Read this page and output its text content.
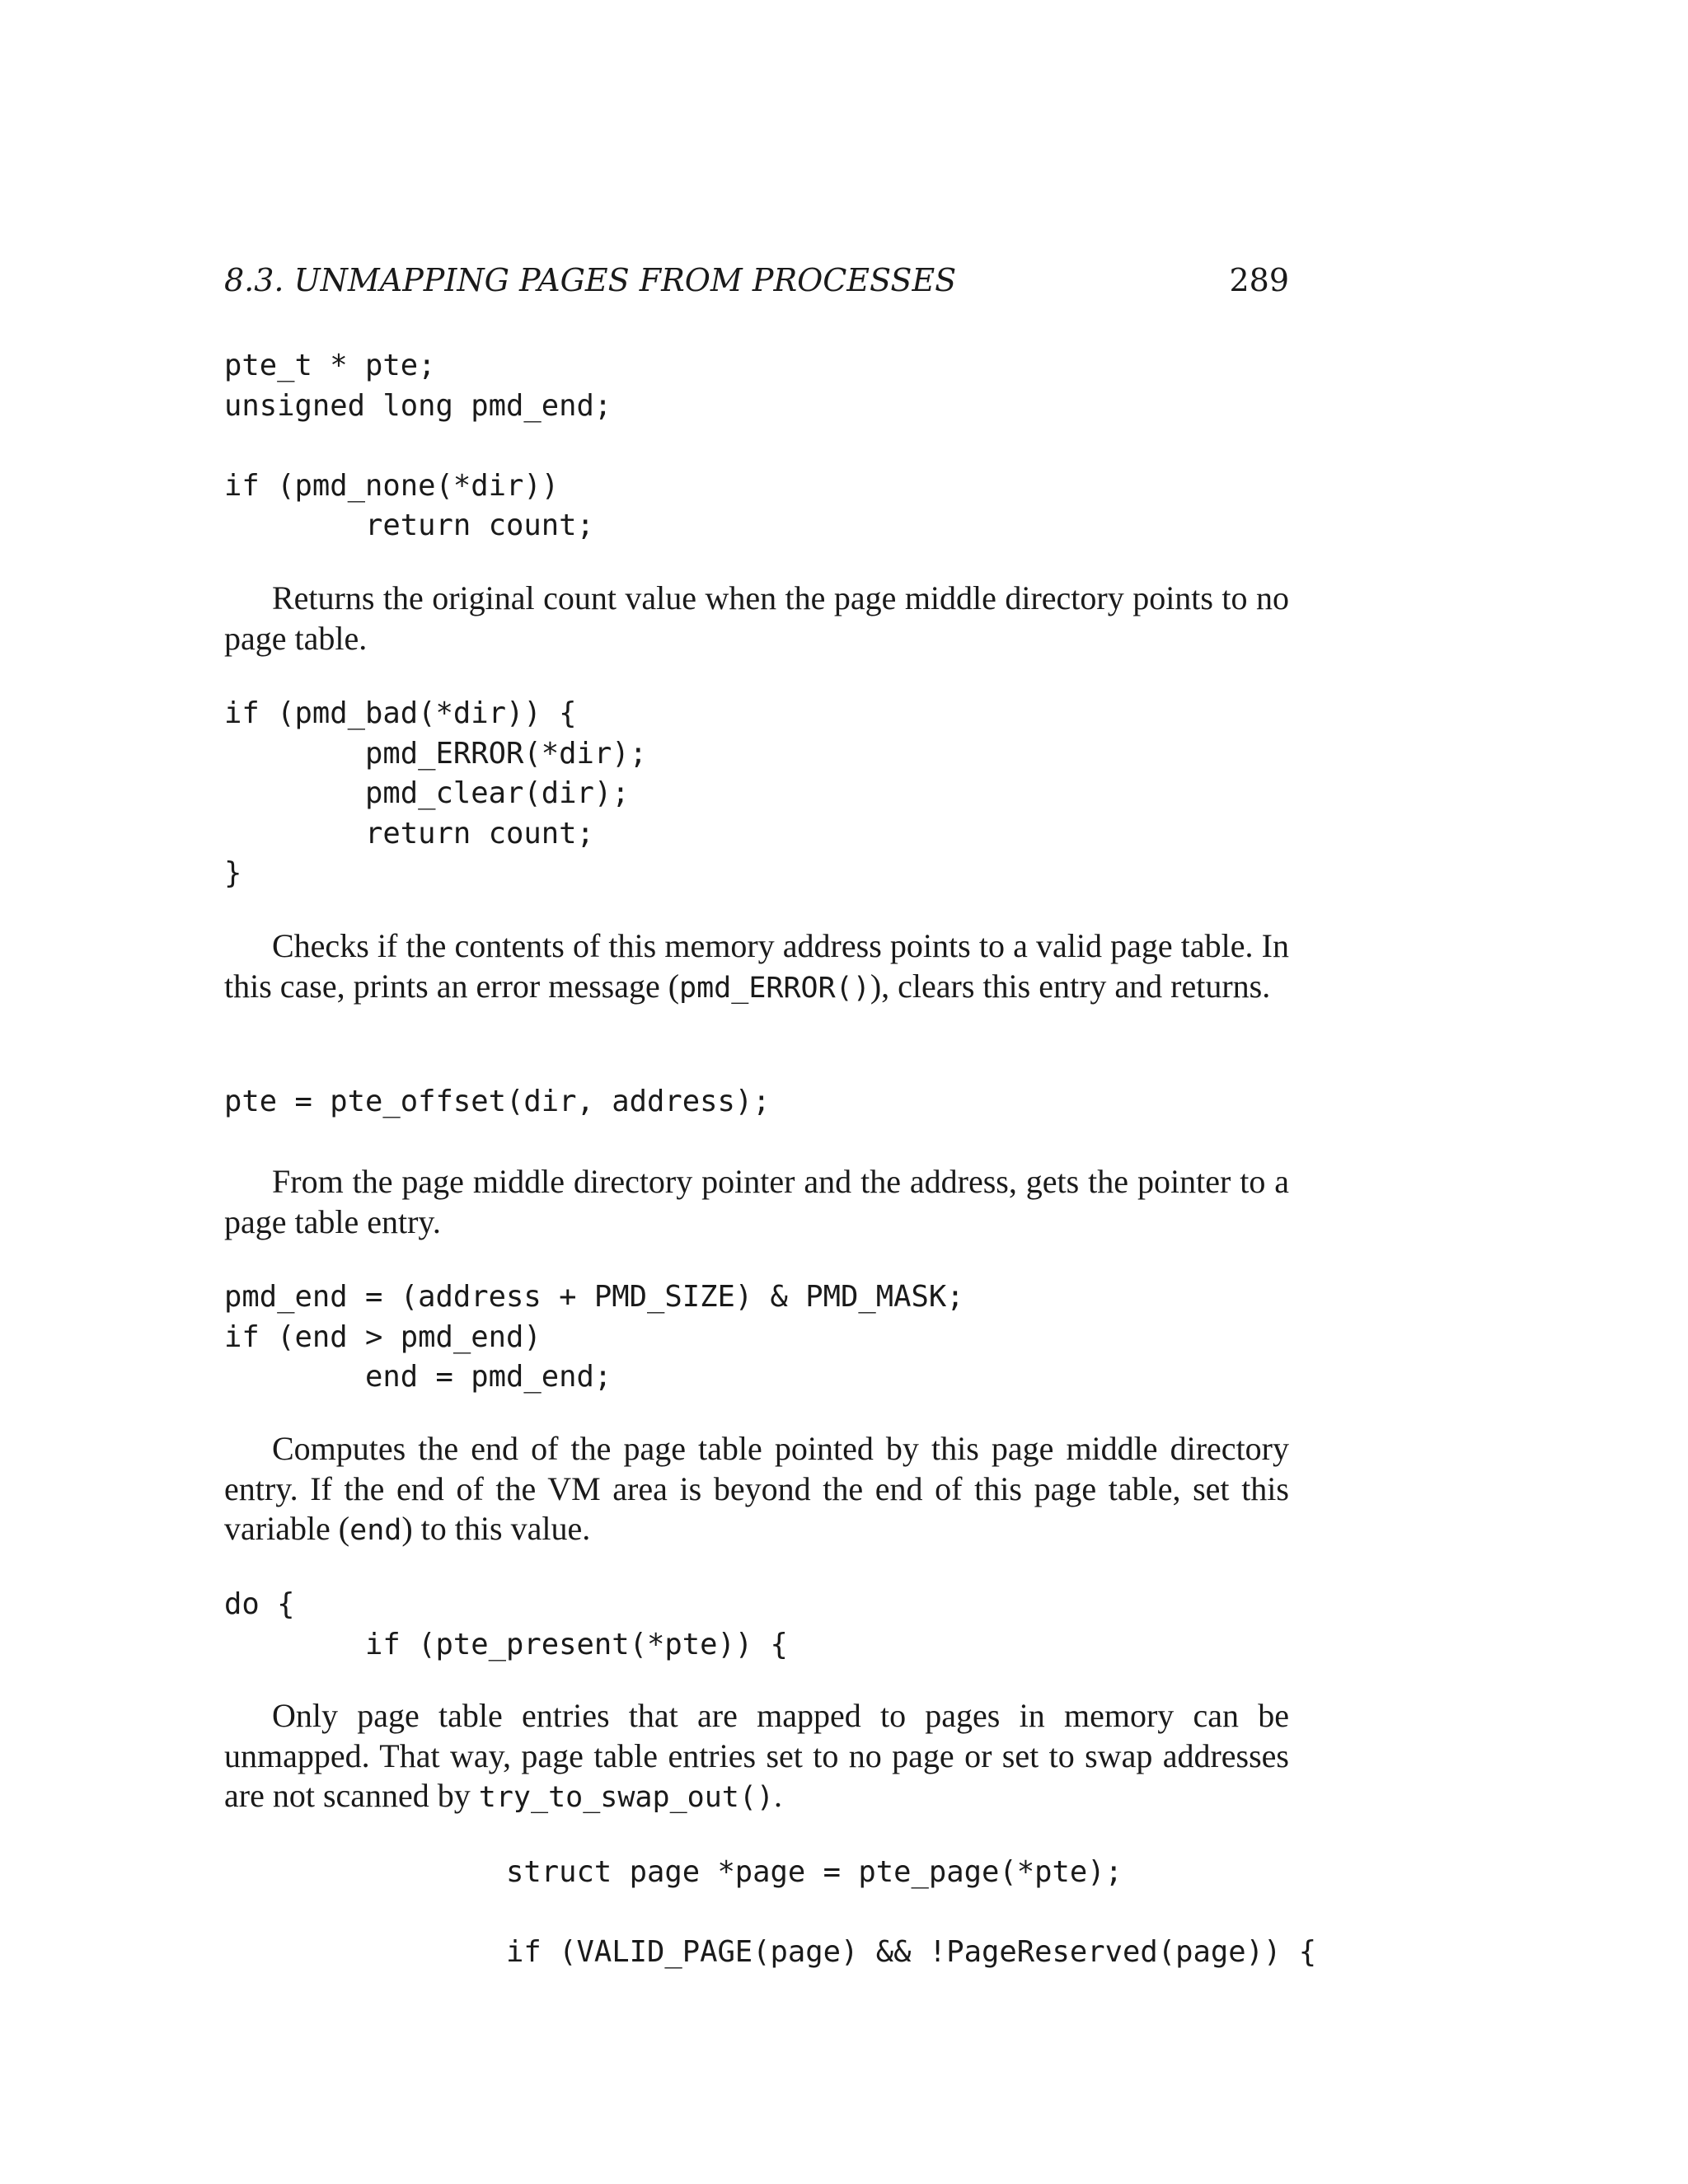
8.3. UNMAPPING PAGES FROM PROCESSES	289
pte_t * pte;
unsigned long pmd_end;
if (pmd_none(*dir))
return count;

Returns the original count value when the page middle directory points to no page table.

if (pmd_bad(*dir)) {
pmd_ERROR(*dir);
pmd_clear(dir);
return count;
}

Checks if the contents of this memory address points to a valid page table. In this case, prints an error message (pmd_ERROR()), clears this entry and returns.

pte = pte_offset(dir, address);

From the page middle directory pointer and the address, gets the pointer to a page table entry.

pmd_end = (address + PMD_SIZE) & PMD_MASK;
if (end > pmd_end)
end = pmd_end;

Computes the end of the page table pointed by this page middle directory entry. If the end of the VM area is beyond the end of this page table, set this variable (end) to this value.

do {
if (pte_present(*pte)) {

Only page table entries that are mapped to pages in memory can be unmapped. That way, page table entries set to no page or set to swap addresses are not scanned by try_to_swap_out().

struct page *page = pte_page(*pte);
if (VALID_PAGE(page) && !PageReserved(page)) {
